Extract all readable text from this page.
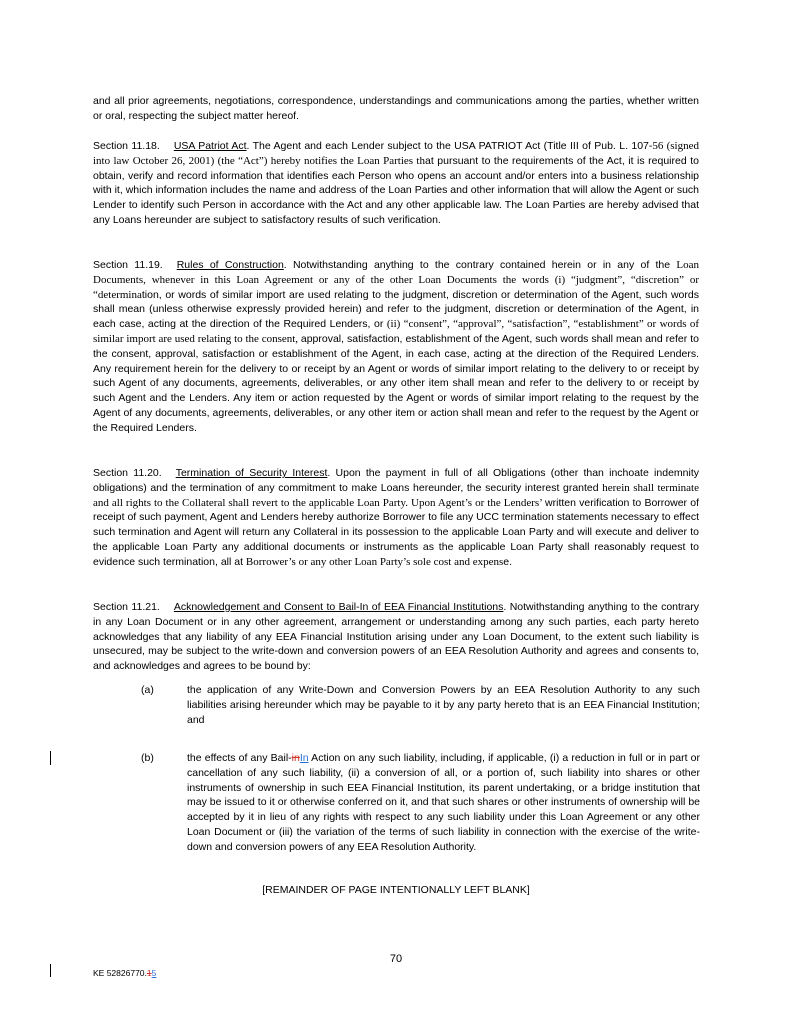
and all prior agreements, negotiations, correspondence, understandings and communications among the parties, whether written or oral, respecting the subject matter hereof.
Section 11.18. USA Patriot Act. The Agent and each Lender subject to the USA PATRIOT Act (Title III of Pub. L. 107-56 (signed into law October 26, 2001) (the “Act”) hereby notifies the Loan Parties that pursuant to the requirements of the Act, it is required to obtain, verify and record information that identifies each Person who opens an account and/or enters into a business relationship with it, which information includes the name and address of the Loan Parties and other information that will allow the Agent or such Lender to identify such Person in accordance with the Act and any other applicable law. The Loan Parties are hereby advised that any Loans hereunder are subject to satisfactory results of such verification.
Section 11.19. Rules of Construction. Notwithstanding anything to the contrary contained herein or in any of the Loan Documents, whenever in this Loan Agreement or any of the other Loan Documents the words (i) “judgment”, “discretion” or “determination, or words of similar import are used relating to the judgment, discretion or determination of the Agent, such words shall mean (unless otherwise expressly provided herein) and refer to the judgment, discretion or determination of the Agent, in each case, acting at the direction of the Required Lenders, or (ii) “consent”, “approval”, “satisfaction”, “establishment” or words of similar import are used relating to the consent, approval, satisfaction, establishment of the Agent, such words shall mean and refer to the consent, approval, satisfaction or establishment of the Agent, in each case, acting at the direction of the Required Lenders. Any requirement herein for the delivery to or receipt by an Agent or words of similar import relating to the delivery to or receipt by such Agent of any documents, agreements, deliverables, or any other item shall mean and refer to the delivery to or receipt by such Agent and the Lenders. Any item or action requested by the Agent or words of similar import relating to the request by the Agent of any documents, agreements, deliverables, or any other item or action shall mean and refer to the request by the Agent or the Required Lenders.
Section 11.20. Termination of Security Interest. Upon the payment in full of all Obligations (other than inchoate indemnity obligations) and the termination of any commitment to make Loans hereunder, the security interest granted herein shall terminate and all rights to the Collateral shall revert to the applicable Loan Party. Upon Agent’s or the Lenders’ written verification to Borrower of receipt of such payment, Agent and Lenders hereby authorize Borrower to file any UCC termination statements necessary to effect such termination and Agent will return any Collateral in its possession to the applicable Loan Party and will execute and deliver to the applicable Loan Party any additional documents or instruments as the applicable Loan Party shall reasonably request to evidence such termination, all at Borrower’s or any other Loan Party’s sole cost and expense.
Section 11.21. Acknowledgement and Consent to Bail-In of EEA Financial Institutions. Notwithstanding anything to the contrary in any Loan Document or in any other agreement, arrangement or understanding among any such parties, each party hereto acknowledges that any liability of any EEA Financial Institution arising under any Loan Document, to the extent such liability is unsecured, may be subject to the write-down and conversion powers of an EEA Resolution Authority and agrees and consents to, and acknowledges and agrees to be bound by:
(a)	the application of any Write-Down and Conversion Powers by an EEA Resolution Authority to any such liabilities arising hereunder which may be payable to it by any party hereto that is an EEA Financial Institution; and
(b)	the effects of any Bail-inIn Action on any such liability, including, if applicable, (i) a reduction in full or in part or cancellation of any such liability, (ii) a conversion of all, or a portion of, such liability into shares or other instruments of ownership in such EEA Financial Institution, its parent undertaking, or a bridge institution that may be issued to it or otherwise conferred on it, and that such shares or other instruments of ownership will be accepted by it in lieu of any rights with respect to any such liability under this Loan Agreement or any other Loan Document or (iii) the variation of the terms of such liability in connection with the exercise of the write-down and conversion powers of any EEA Resolution Authority.
[REMAINDER OF PAGE INTENTIONALLY LEFT BLANK]
70
KE 52826770.15
